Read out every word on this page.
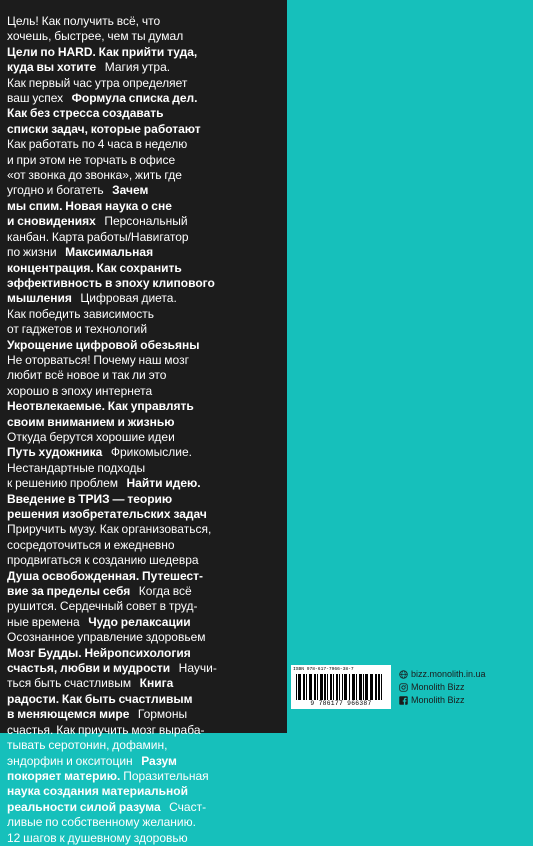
Цель! Как получить всё, что
хочешь, быстрее, чем ты думал
Цели по HARD. Как прийти туда,
куда вы хотите   Магия утра.
Как первый час утра определяет
ваш успех   Формула списка дел.
Как без стресса создавать
списки задач, которые работают
Как работать по 4 часа в неделю
и при этом не торчать в офисе
«от звонка до звонка», жить где
угодно и богатеть   Зачем
мы спим. Новая наука о сне
и сновидениях   Персональный
канбан. Карта работы/Навигатор
по жизни   Максимальная
концентрация. Как сохранить
эффективность в эпоху клипового
мышления   Цифровая диета.
Как победить зависимость
от гаджетов и технологий
Укрощение цифровой обезьяны
Не оторваться! Почему наш мозг
любит всё новое и так ли это
хорошо в эпоху интернета
Неотвлекаемые. Как управлять
своим вниманием и жизнью
Откуда берутся хорошие идеи
Путь художника   Фрикомыслие.
Нестандартные подходы
к решению проблем   Найти идею.
Введение в ТРИЗ — теорию
решения изобретательских задач
Приручить музу. Как организоваться,
сосредоточиться и ежедневно
продвигаться к созданию шедевра
Душа освобожденная. Путешест-
вие за пределы себя   Когда всё
рушится. Сердечный совет в труд-
ные времена   Чудо релаксации
Осознанное управление здоровьем
Мозг Будды. Нейропсихология
счастья, любви и мудрости   Научи-
ться быть счастливым   Книга
радости. Как быть счастливым
в меняющемся мире   Гормоны
счастья. Как приучить мозг выраба-
тывать серотонин, дофамин,
эндорфин и окситоцин   Разум
покоряет материю. Поразительная
наука создания материальной
реальности силой разума   Счаст-
ливые по собственному желанию.
12 шагов к душевному здоровью
ISBN 978-617-7966-38-7
9 786177 966387
bizz.monolith.in.ua
Monolith Bizz
Monolith Bizz
